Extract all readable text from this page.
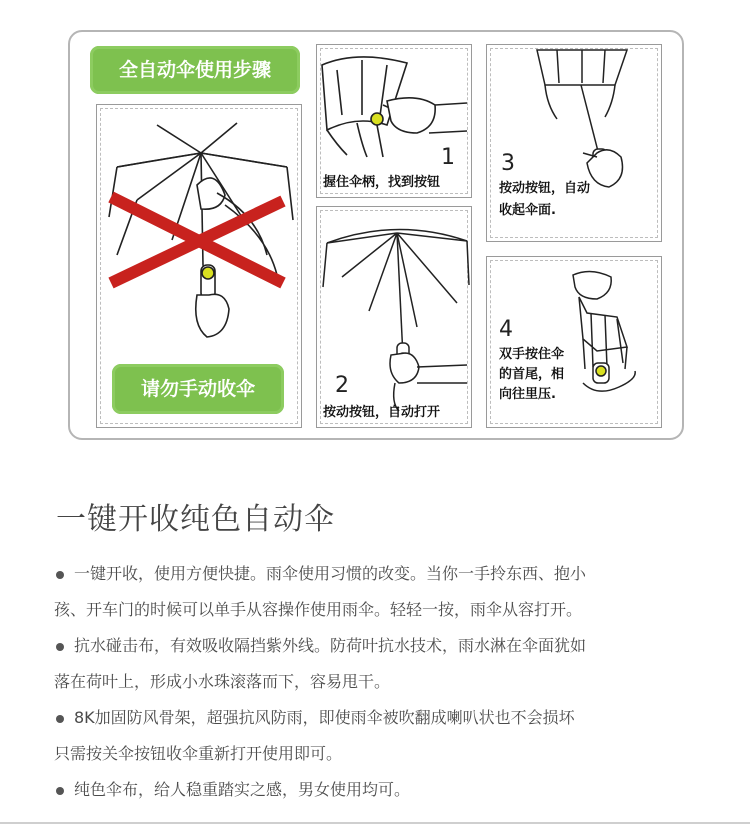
全自动伞使用步骤
请勿手动收伞
1
握住伞柄，找到按钮
2
按动按钮，自动打开
3
按动按钮，自动
收起伞面.
4
双手按住伞
的首尾，相
向往里压.
一键开收纯色自动伞
一键开收，使用方便快捷。雨伞使用习惯的改变。当你一手拎东西、抱小
孩、开车门的时候可以单手从容操作使用雨伞。轻轻一按，雨伞从容打开。
抗水碰击布，有效吸收隔挡紫外线。防荷叶抗水技术，雨水淋在伞面犹如
落在荷叶上，形成小水珠滚落而下，容易甩干。
8K加固防风骨架，超强抗风防雨，即使雨伞被吹翻成喇叭状也不会损坏
只需按关伞按钮收伞重新打开使用即可。
纯色伞布，给人稳重踏实之感，男女使用均可。
